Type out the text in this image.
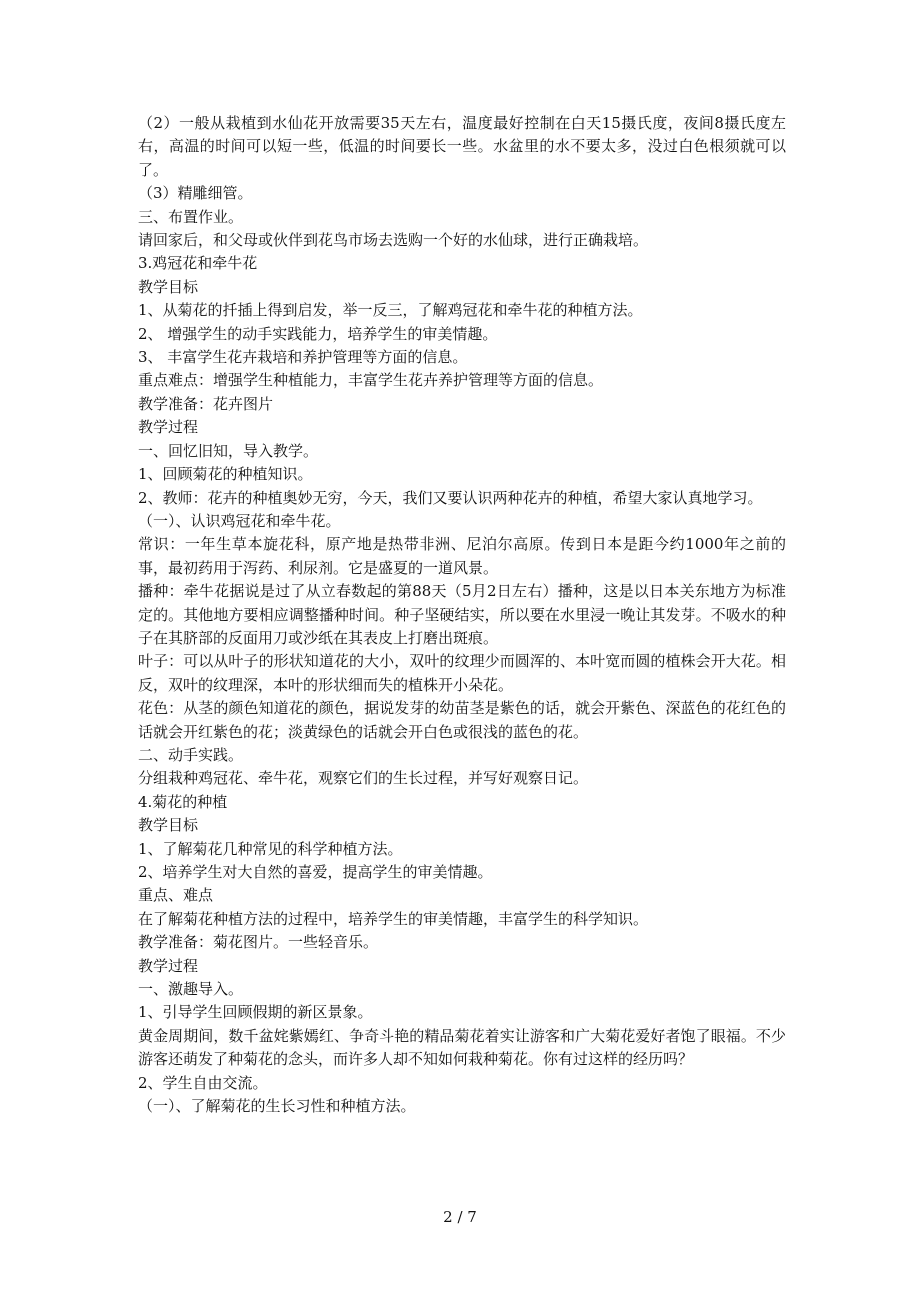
（2）一般从栽植到水仙花开放需要35天左右，温度最好控制在白天15摄氏度，夜间8摄氏度左右，高温的时间可以短一些，低温的时间要长一些。水盆里的水不要太多，没过白色根须就可以了。

（3）精雕细管。

三、布置作业。

请回家后，和父母或伙伴到花鸟市场去选购一个好的水仙球，进行正确栽培。

3.鸡冠花和牵牛花

教学目标

1、从菊花的扦插上得到启发，举一反三，了解鸡冠花和牵牛花的种植方法。

2、 增强学生的动手实践能力，培养学生的审美情趣。

3、 丰富学生花卉栽培和养护管理等方面的信息。

重点难点：增强学生种植能力，丰富学生花卉养护管理等方面的信息。

教学准备：花卉图片

教学过程

一、回忆旧知，导入教学。

1、回顾菊花的种植知识。

2、教师：花卉的种植奥妙无穷，今天，我们又要认识两种花卉的种植，希望大家认真地学习。

（一）、认识鸡冠花和牵牛花。

常识：一年生草本旋花科，原产地是热带非洲、尼泊尔高原。传到日本是距今约1000年之前的事，最初药用于泻药、利尿剂。它是盛夏的一道风景。

播种：牵牛花据说是过了从立春数起的第88天（5月2日左右）播种，这是以日本关东地方为标准定的。其他地方要相应调整播种时间。种子坚硬结实，所以要在水里浸一晚让其发芽。不吸水的种子在其脐部的反面用刀或沙纸在其表皮上打磨出斑痕。

叶子：可以从叶子的形状知道花的大小，双叶的纹理少而圆浑的、本叶宽而圆的植株会开大花。相反，双叶的纹理深，本叶的形状细而失的植株开小朵花。

花色：从茎的颜色知道花的颜色，据说发芽的幼苗茎是紫色的话，就会开紫色、深蓝色的花红色的话就会开红紫色的花；淡黄绿色的话就会开白色或很浅的蓝色的花。

二、动手实践。

分组栽种鸡冠花、牵牛花，观察它们的生长过程，并写好观察日记。

4.菊花的种植

教学目标

1、了解菊花几种常见的科学种植方法。

2、培养学生对大自然的喜爱，提高学生的审美情趣。

重点、难点

在了解菊花种植方法的过程中，培养学生的审美情趣，丰富学生的科学知识。

教学准备：菊花图片。一些轻音乐。

教学过程

一、激趣导入。

1、引导学生回顾假期的新区景象。

黄金周期间，数千盆姹紫嫣红、争奇斗艳的精品菊花着实让游客和广大菊花爱好者饱了眼福。不少游客还萌发了种菊花的念头，而许多人却不知如何栽种菊花。你有过这样的经历吗？

2、学生自由交流。

（一）、了解菊花的生长习性和种植方法。

2 / 7
